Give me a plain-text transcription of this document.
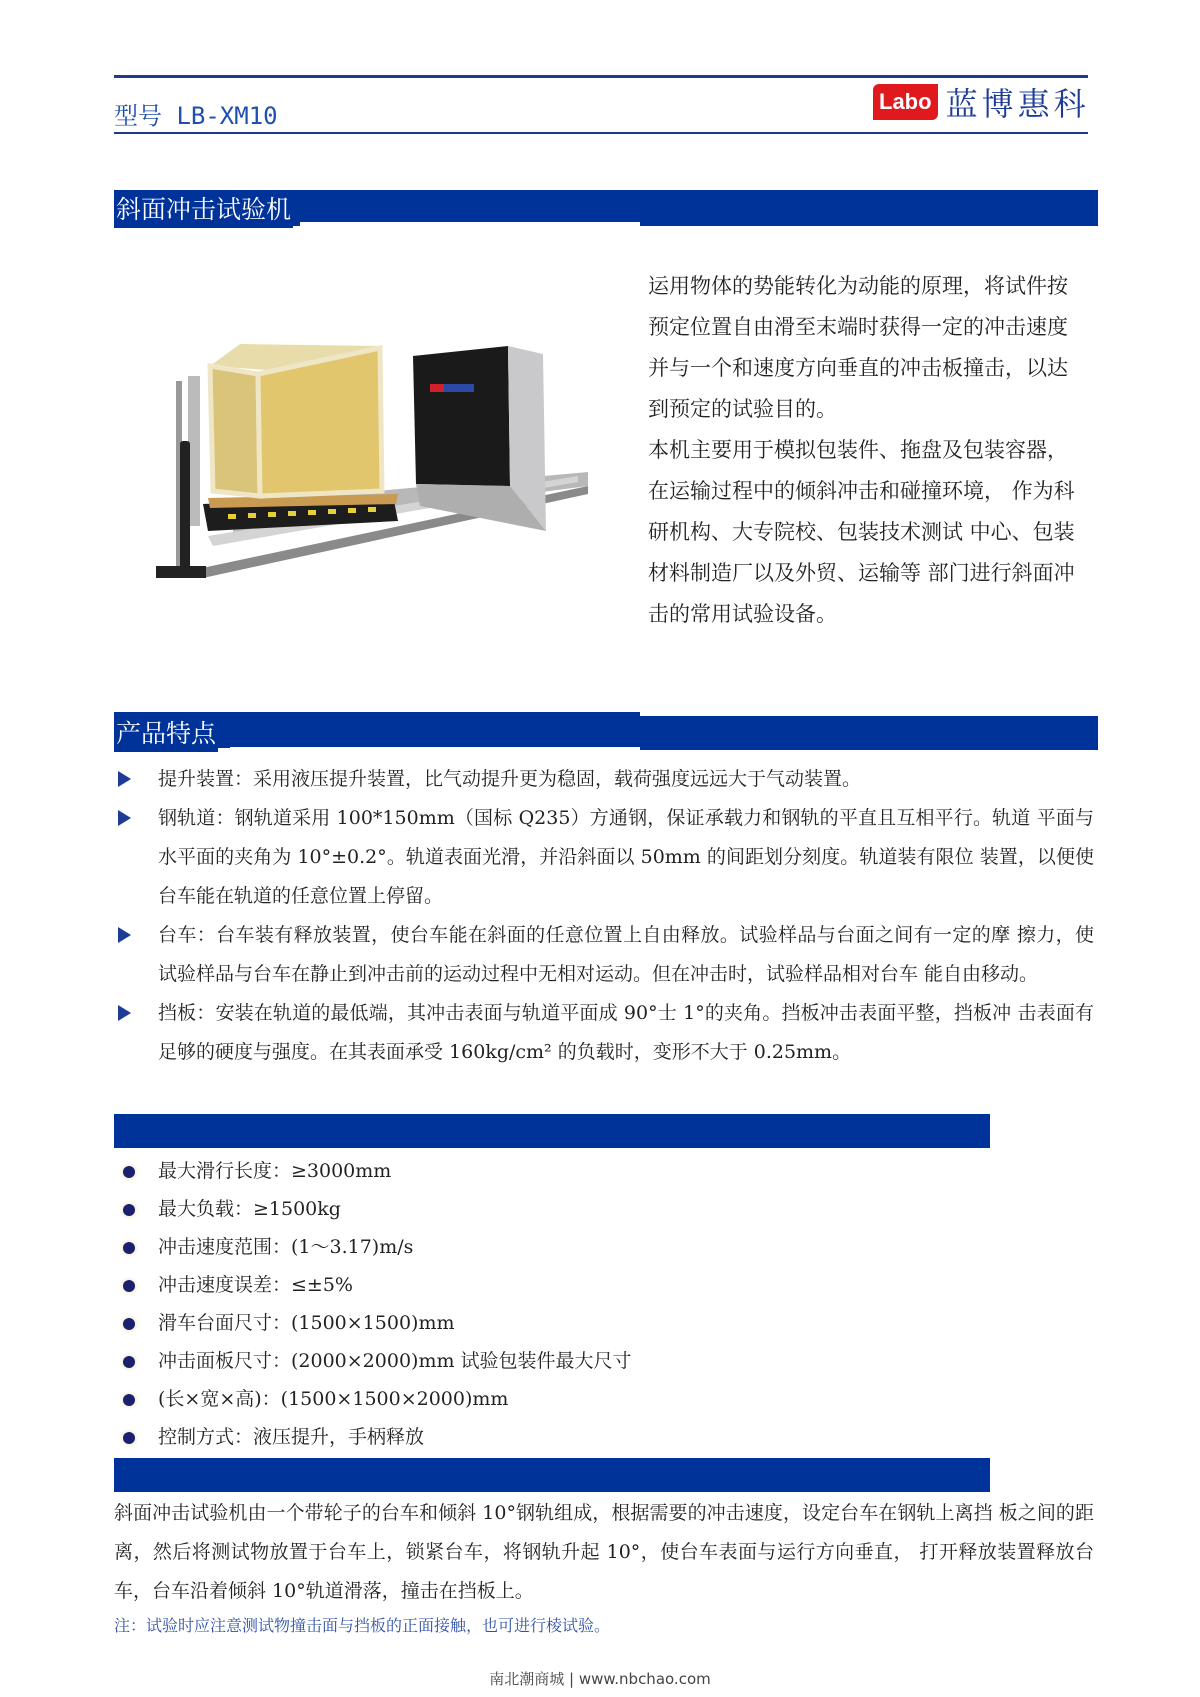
型号 LB-XM10
Labo 蓝博惠科
斜面冲击试验机

运用物体的势能转化为动能的原理，将试件按预定位置自由滑至末端时获得一定的冲击速度并与一个和速度方向垂直的冲击板撞击，以达到预定的试验目的。

本机主要用于模拟包装件、拖盘及包装容器，在运输过程中的倾斜冲击和碰撞环境， 作为科研机构、大专院校、包装技术测试 中心、包装材料制造厂以及外贸、运输等 部门进行斜面冲击的常用试验设备。

产品特点
提升装置：采用液压提升装置，比气动提升更为稳固，载荷强度远远大于气动装置。
钢轨道：钢轨道采用 100*150mm（国标 Q235）方通钢，保证承载力和钢轨的平直且互相平行。轨道 平面与水平面的夹角为 10°±0.2°。轨道表面光滑，并沿斜面以 50mm 的间距划分刻度。轨道装有限位 装置，以便使台车能在轨道的任意位置上停留。
台车：台车装有释放装置，使台车能在斜面的任意位置上自由释放。试验样品与台面之间有一定的摩 擦力，使试验样品与台车在静止到冲击前的运动过程中无相对运动。但在冲击时，试验样品相对台车 能自由移动。
挡板：安装在轨道的最低端，其冲击表面与轨道平面成 90°士 1°的夹角。挡板冲击表面平整，挡板冲 击表面有足够的硬度与强度。在其表面承受 160kg/cm² 的负载时，变形不大于 0.25mm。
最大滑行长度：≥3000mm
最大负载：≥1500kg
冲击速度范围：(1～3.17)m/s
冲击速度误差：≤±5%
滑车台面尺寸：(1500×1500)mm
冲击面板尺寸：(2000×2000)mm 试验包装件最大尺寸
(长×宽×高)：(1500×1500×2000)mm
控制方式：液压提升，手柄释放
斜面冲击试验机由一个带轮子的台车和倾斜 10°钢轨组成，根据需要的冲击速度，设定台车在钢轨上离挡 板之间的距离，然后将测试物放置于台车上，锁紧台车，将钢轨升起 10°，使台车表面与运行方向垂直， 打开释放装置释放台车，台车沿着倾斜 10°轨道滑落，撞击在挡板上。
注：试验时应注意测试物撞击面与挡板的正面接触，也可进行棱试验。
南北潮商城 | www.nbchao.com
